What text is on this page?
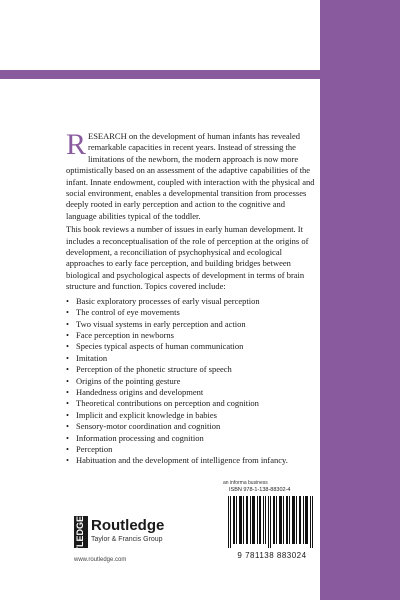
RESEARCH on the development of human infants has revealed remarkable capacities in recent years. Instead of stressing the limitations of the newborn, the modern approach is now more optimistically based on an assessment of the adaptive capabilities of the infant. Innate endowment, coupled with interaction with the physical and social environment, enables a developmental transition from processes deeply rooted in early perception and action to the cognitive and language abilities typical of the toddler.

This book reviews a number of issues in early human development. It includes a reconceptualisation of the role of perception at the origins of development, a reconciliation of psychophysical and ecological approaches to early face perception, and building bridges between biological and psychological aspects of development in terms of brain structure and function. Topics covered include:

• Basic exploratory processes of early visual perception
• The control of eye movements
• Two visual systems in early perception and action
• Face perception in newborns
• Species typical aspects of human communication
• Imitation
• Perception of the phonetic structure of speech
• Origins of the pointing gesture
• Handedness origins and development
• Theoretical contributions on perception and cognition
• Implicit and explicit knowledge in babies
• Sensory-motor coordination and cognition
• Information processing and cognition
• Perception
• Habituation and the development of intelligence from infancy.
an informa business
ISBN 978-1-138-88302-4
9 781138 883024
ROUTLEDGE Routledge
Taylor & Francis Group
www.routledge.com
